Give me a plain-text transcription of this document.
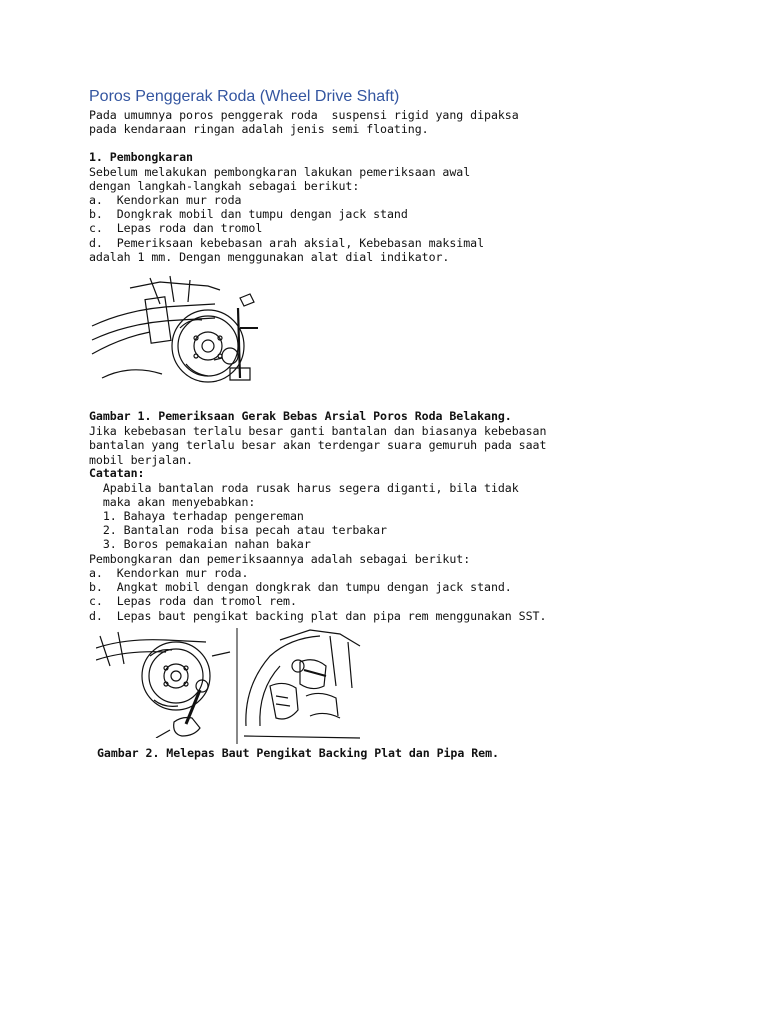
Poros Penggerak Roda (Wheel Drive Shaft)
Pada umumnya poros penggerak roda  suspensi rigid yang dipaksa
pada kendaraan ringan adalah jenis semi floating.
1. Pembongkaran
Sebelum melakukan pembongkaran lakukan pemeriksaan awal
dengan langkah-langkah sebagai berikut:
a.  Kendorkan mur roda
b.  Dongkrak mobil dan tumpu dengan jack stand
c.  Lepas roda dan tromol
d.  Pemeriksaan kebebasan arah aksial, Kebebasan maksimal
adalah 1 mm. Dengan menggunakan alat dial indikator.
Gambar 1. Pemeriksaan Gerak Bebas Arsial Poros Roda Belakang.
Jika kebebasan terlalu besar ganti bantalan dan biasanya kebebasan
bantalan yang terlalu besar akan terdengar suara gemuruh pada saat
mobil berjalan.
Catatan:
Apabila bantalan roda rusak harus segera diganti, bila tidak
maka akan menyebabkan:
1. Bahaya terhadap pengereman
2. Bantalan roda bisa pecah atau terbakar
3. Boros pemakaian nahan bakar
Pembongkaran dan pemeriksaannya adalah sebagai berikut:
a.  Kendorkan mur roda.
b.  Angkat mobil dengan dongkrak dan tumpu dengan jack stand.
c.  Lepas roda dan tromol rem.
d.  Lepas baut pengikat backing plat dan pipa rem menggunakan SST.
Gambar 2. Melepas Baut Pengikat Backing Plat dan Pipa Rem.
